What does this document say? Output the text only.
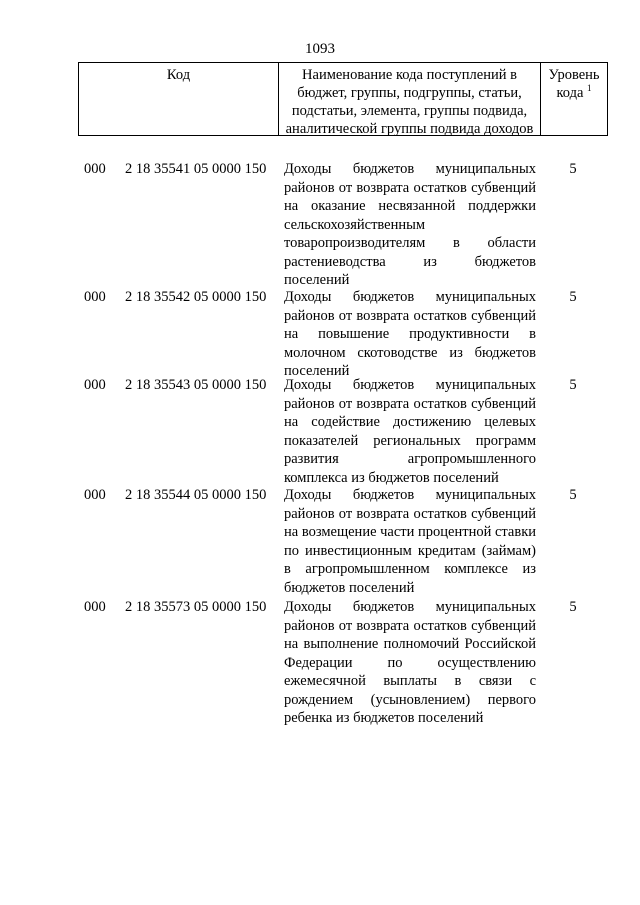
1093
Код	Наименование кода поступлений в бюджет, группы, подгруппы, статьи, подстатьи, элемента, группы подвида, аналитической группы подвида доходов
Уровень кода $^1$
000 2 18 35541 05 0000 150 Доходы бюджетов муниципальных районов от возврата остатков субвенций на оказание несвязанной поддержки сельскохозяйственным товаропроизводителям в области растениеводства из бюджетов поселений
5
000 2 18 35542 05 0000 150 Доходы бюджетов муниципальных районов от возврата остатков субвенций на повышение продуктивности в молочном скотоводстве из бюджетов поселений
5
000 2 18 35543 05 0000 150 Доходы бюджетов муниципальных районов от возврата остатков субвенций на содействие достижению целевых показателей региональных программ развития агропромышленного комплекса из бюджетов поселений
5
000 2 18 35544 05 0000 150 Доходы бюджетов муниципальных районов от возврата остатков субвенций на возмещение части процентной ставки по инвестиционным кредитам (займам) в агропромышленном комплексе из бюджетов поселений
5
000 2 18 35573 05 0000 150 Доходы бюджетов муниципальных районов от возврата остатков субвенций на выполнение полномочий Российской Федерации по осуществлению ежемесячной выплаты в связи с рождением (усыновлением) первого ребенка из бюджетов поселений
5
